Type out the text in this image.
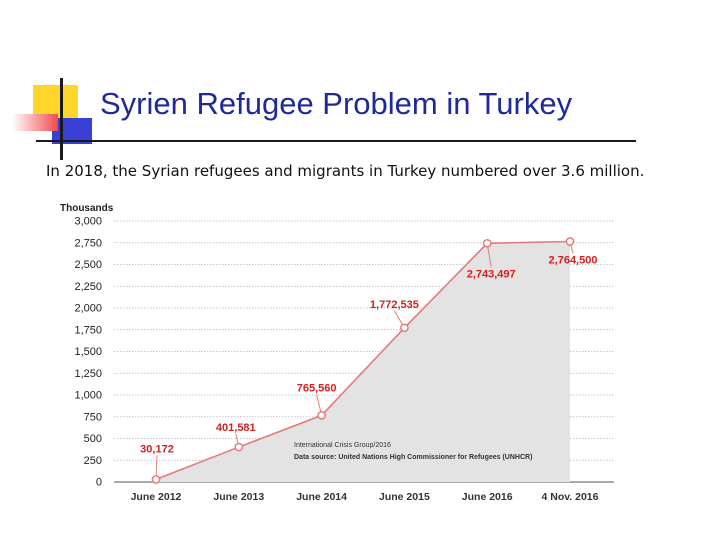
Syrien Refugee Problem in Turkey
In 2018, the Syrian refugees and migrants in Turkey numbered over 3.6 million.
30,172
401,581
765,560
1,772,535
2,743,497
2,764,500
0
250
500
750
1,000
1,250
1,500
1,750
2,000
2,250
2,500
2,750
3,000
June 2012	June 2013	June 2014	June 2015	June 2016	4 Nov. 2016
Thousands
International Crisis Group/2016
Data source: United Nations High Commissioner for Refugees (UNHCR)
